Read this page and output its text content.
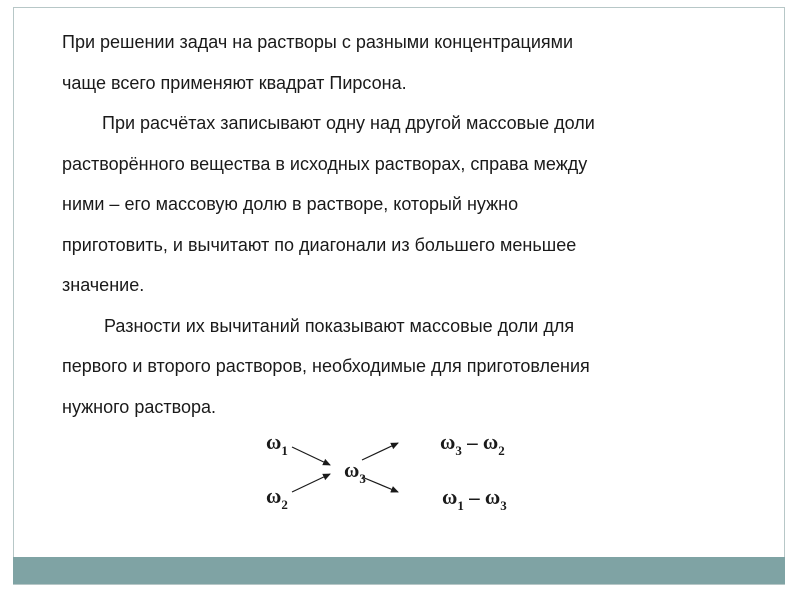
При решении задач на растворы с разными концентрациями
чаще всего применяют квадрат Пирсона.
При расчётах записывают одну над другой массовые доли
растворённого вещества в исходных растворах, справа между
ними – его массовую долю в растворе, который нужно
приготовить, и вычитают по диагонали из большего меньшее
значение.
Разности их вычитаний показывают массовые доли для
первого и второго растворов, необходимые для приготовления
нужного раствора.
$\omega_1$
$\omega_2$
$\omega_3$
$\omega_3 - \omega_2$
$\omega_1 - \omega_3$
